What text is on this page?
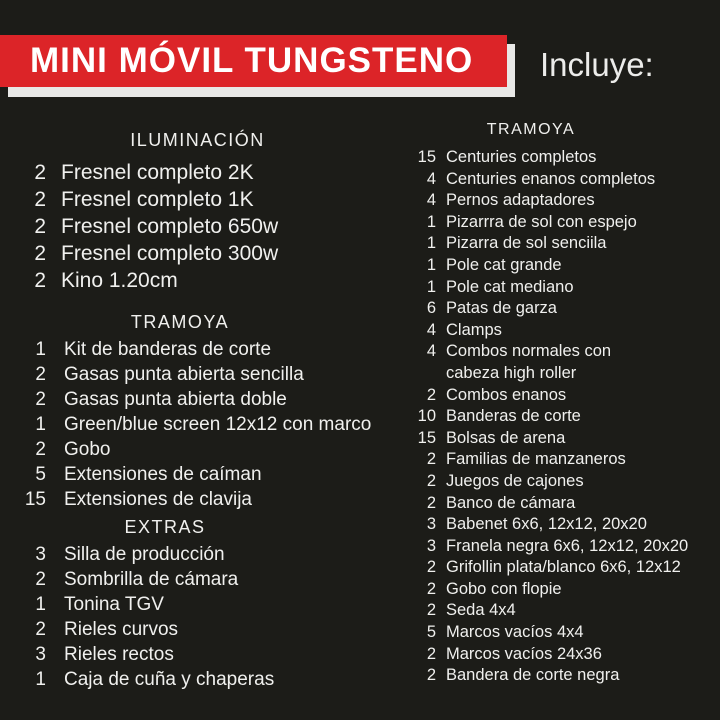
MINI MÓVIL TUNGSTENO Incluye:
ILUMINACIÓN
2 Fresnel completo 2K
2 Fresnel completo 1K
2 Fresnel completo 650w
2 Fresnel completo 300w
2 Kino 1.20cm
TRAMOYA
1 Kit de banderas de corte
2 Gasas punta abierta sencilla
2 Gasas punta abierta doble
1 Green/blue screen 12x12 con marco
2 Gobo
5 Extensiones de caíman
15 Extensiones de clavija
EXTRAS
3 Silla de producción
2 Sombrilla de cámara
1 Tonina TGV
2 Rieles curvos
3 Rieles rectos
1 Caja de cuña y chaperas
TRAMOYA
15 Centuries completos
4 Centuries enanos completos
4 Pernos adaptadores
1 Pizarrra de sol con espejo
1 Pizarra de sol senciila
1 Pole cat grande
1 Pole cat mediano
6 Patas de garza
4 Clamps
4 Combos normales con
cabeza high roller
2 Combos enanos
10 Banderas de corte
15 Bolsas de arena
2 Familias de manzaneros
2 Juegos de cajones
2 Banco de cámara
3 Babenet 6x6, 12x12, 20x20
3 Franela negra 6x6, 12x12, 20x20
2 Grifollin plata/blanco 6x6, 12x12
2 Gobo con flopie
2 Seda 4x4
5 Marcos vacíos 4x4
2 Marcos vacíos 24x36
2 Bandera de corte negra
